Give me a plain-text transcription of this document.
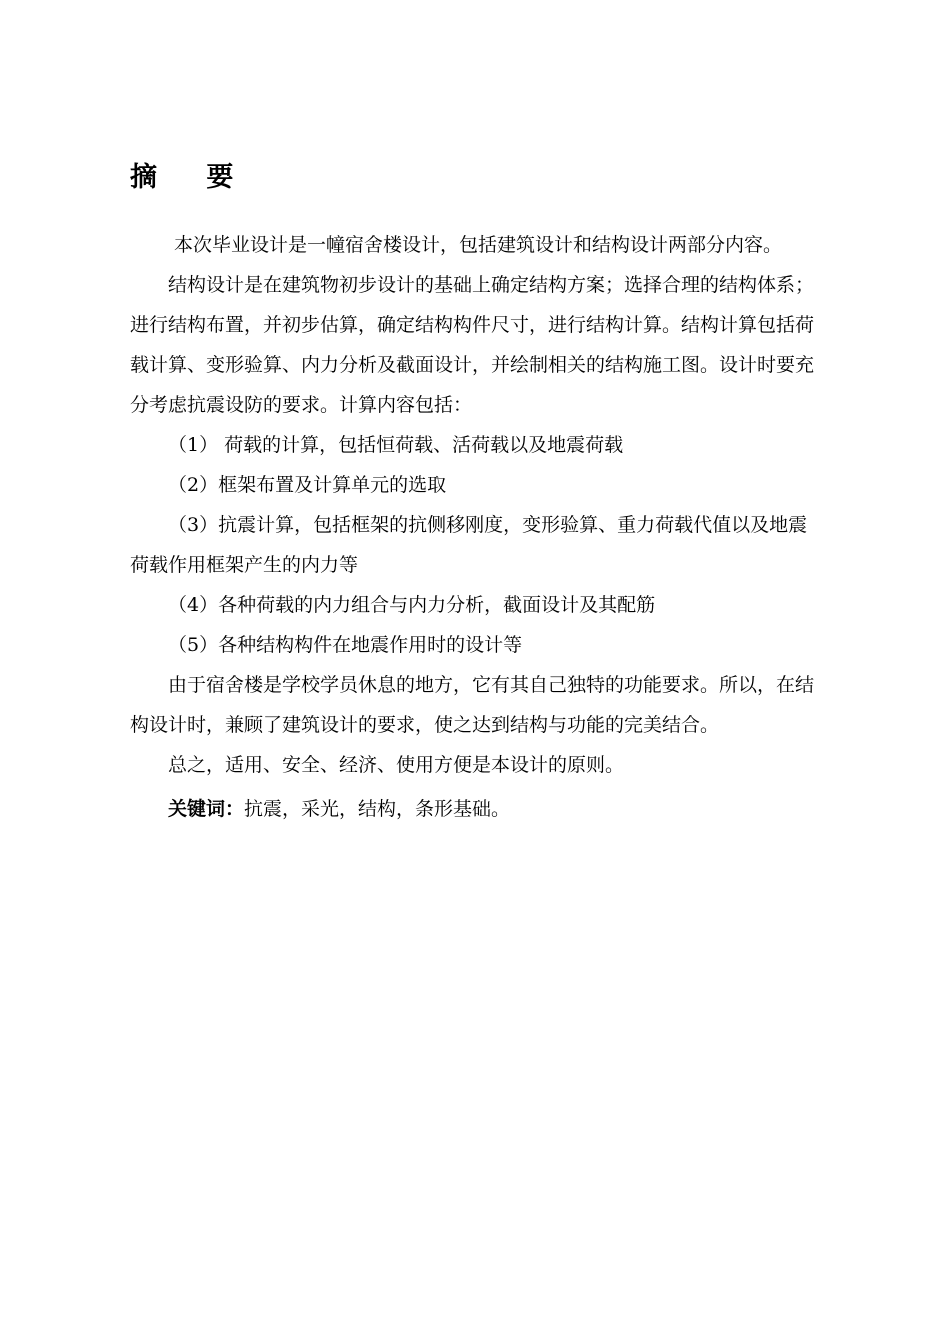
摘 要

本次毕业设计是一幢宿舍楼设计，包括建筑设计和结构设计两部分内容。

结构设计是在建筑物初步设计的基础上确定结构方案；选择合理的结构体系；进行结构布置，并初步估算，确定结构构件尺寸，进行结构计算。结构计算包括荷载计算、变形验算、内力分析及截面设计，并绘制相关的结构施工图。设计时要充分考虑抗震设防的要求。计算内容包括：

（1） 荷载的计算，包括恒荷载、活荷载以及地震荷载

（2）框架布置及计算单元的选取

（3）抗震计算，包括框架的抗侧移刚度，变形验算、重力荷载代值以及地震荷载作用框架产生的内力等

（4）各种荷载的内力组合与内力分析，截面设计及其配筋

（5）各种结构构件在地震作用时的设计等

由于宿舍楼是学校学员休息的地方，它有其自己独特的功能要求。所以，在结构设计时，兼顾了建筑设计的要求，使之达到结构与功能的完美结合。

总之，适用、安全、经济、使用方便是本设计的原则。

关键词：抗震，采光，结构，条形基础。
